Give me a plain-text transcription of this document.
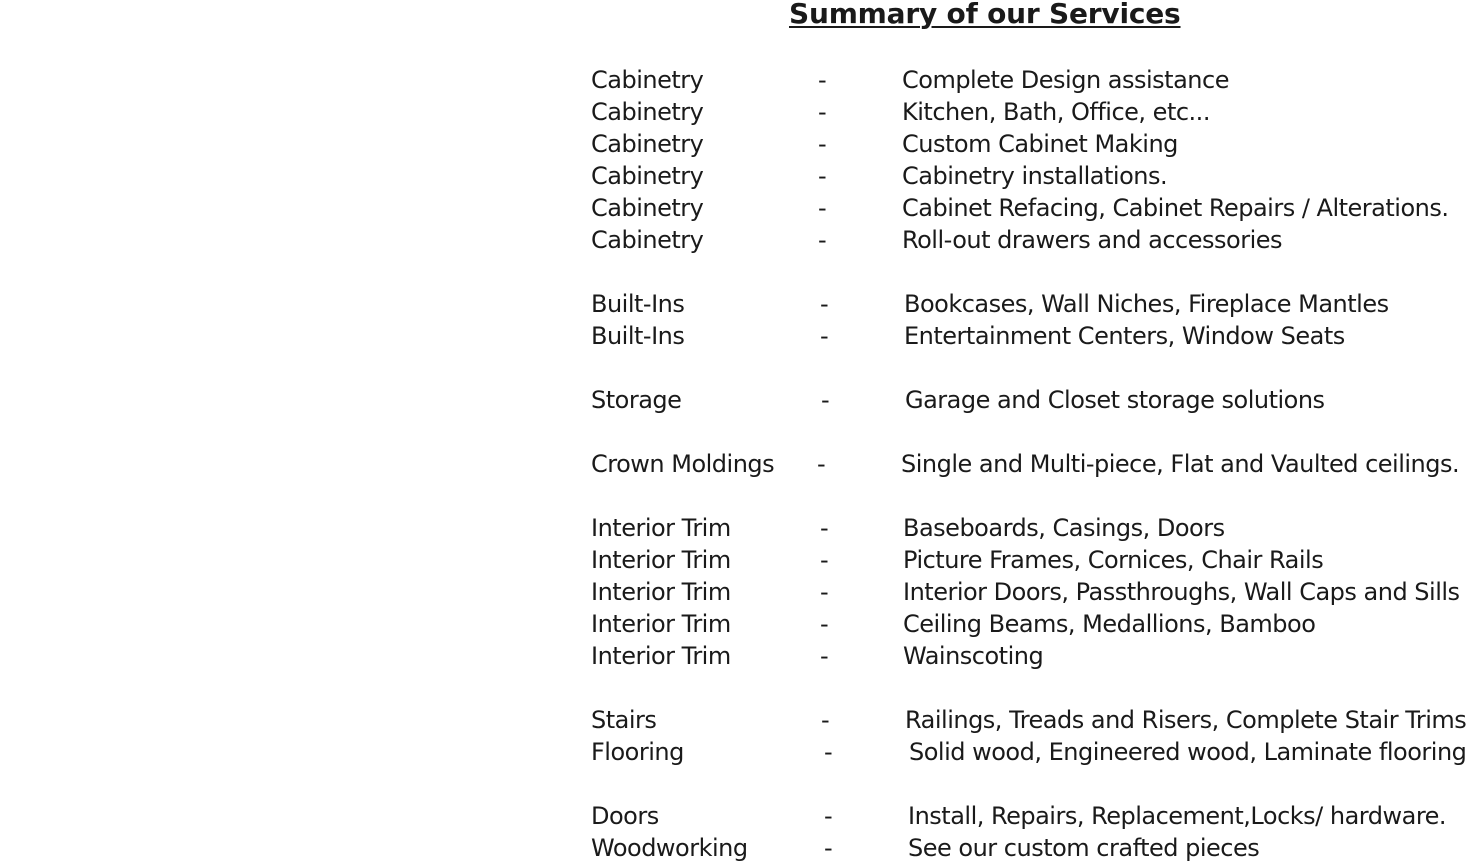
Summary of our Services
Cabinetry	-	Complete Design assistance
Cabinetry	-	Kitchen, Bath, Office, etc...
Cabinetry	-	Custom Cabinet Making
Cabinetry	-	Cabinetry installations.
Cabinetry	-	Cabinet Refacing, Cabinet Repairs / Alterations.
Cabinetry	-	Roll-out drawers and accessories
Built-Ins	-	Bookcases, Wall Niches, Fireplace Mantles
Built-Ins	-	Entertainment Centers, Window Seats
Storage	-	Garage and Closet storage solutions
Crown Moldings -	Single and Multi-piece, Flat and Vaulted ceilings.
Interior Trim	-	Baseboards, Casings, Doors
Interior Trim	-	Picture Frames, Cornices, Chair Rails
Interior Trim	-	Interior Doors, Passthroughs, Wall Caps and Sills
Interior Trim	-	Ceiling Beams, Medallions, Bamboo
Interior Trim	-	Wainscoting
Stairs	-	Railings, Treads and Risers, Complete Stair Trims
Flooring	-	Solid wood, Engineered wood, Laminate flooring
Doors	-	Install, Repairs, Replacement,Locks/ hardware.
Woodworking	-	See our custom crafted pieces
